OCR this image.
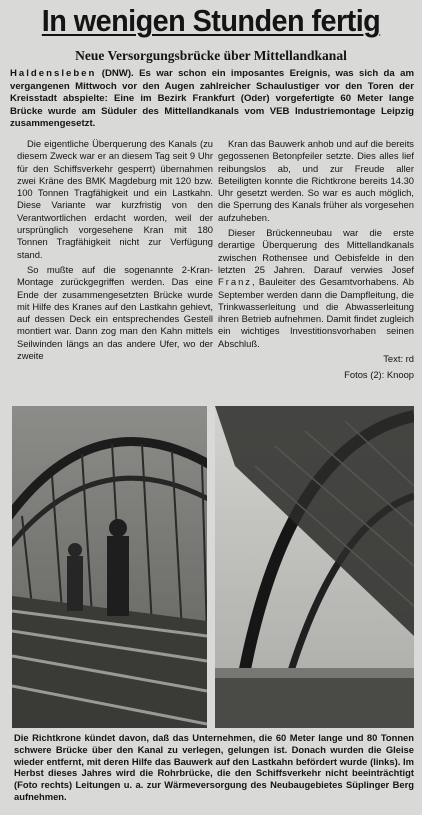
In wenigen Stunden fertig
Neue Versorgungsbrücke über Mittellandkanal

Haldensleben (DNW). Es war schon ein imposantes Ereignis, was sich da am vergangenen Mittwoch vor den Augen zahlreicher Schaulustiger vor den Toren der Kreisstadt abspielte: Eine im Bezirk Frankfurt (Oder) vorgefertigte 60 Meter lange Brücke wurde am Süduler des Mittellandkanals vom VEB Industriemontage Leipzig zusammengesetzt.

Die eigentliche Überquerung des Kanals (zu diesem Zweck war er an diesem Tag seit 9 Uhr für den Schiffsverkehr gesperrt) übernahmen zwei Kräne des BMK Magdeburg mit 120 bzw. 100 Tonnen Tragfähigkeit und ein Lastkahn. Diese Variante war kurzfristig von den Verantwortlichen erdacht worden, weil der ursprünglich vorgesehene Kran mit 180 Tonnen Tragfähigkeit nicht zur Verfügung stand.

So mußte auf die sogenannte 2-Kran-Montage zurückgegriffen werden. Das eine Ende der zusammengesetzten Brücke wurde mit Hilfe des Kranes auf den Lastkahn gehievt, auf dessen Deck ein entsprechendes Gestell montiert war. Dann zog man den Kahn mittels Seilwinden längs an das andere Ufer, wo der zweite

Kran das Bauwerk anhob und auf die bereits gegossenen Betonpfeiler setzte. Dies alles lief reibungslos ab, und zur Freude aller Beteiligten konnte die Richtkrone bereits 14.30 Uhr gesetzt werden. So war es auch möglich, die Sperrung des Kanals früher als vorgesehen aufzuheben.

Dieser Brückenneubau war die erste derartige Überquerung des Mittellandkanals zwischen Rothensee und Oebisfelde in den letzten 25 Jahren. Darauf verwies Josef Franz, Bauleiter des Gesamtvorhabens. Ab September werden dann die Dampfleitung, die Trinkwasserleitung und die Abwasserleitung ihren Betrieb aufnehmen. Damit findet zugleich ein wichtiges Investitionsvorhaben seinen Abschluß.

Text: rd

Fotos (2): Knoop

Die Richtkrone kündet davon, daß das Unternehmen, die 60 Meter lange und 80 Tonnen schwere Brücke über den Kanal zu verlegen, gelungen ist. Donach wurden die Gleise wieder entfernt, mit deren Hilfe das Bauwerk auf den Lastkahn befördert wurde (links). Im Herbst dieses Jahres wird die Rohrbrücke, die den Schiffsverkehr nicht beeinträchtigt (Foto rechts) Leitungen u. a. zur Wärmeversorgung des Neubaugebietes Süplinger Berg aufnehmen.
